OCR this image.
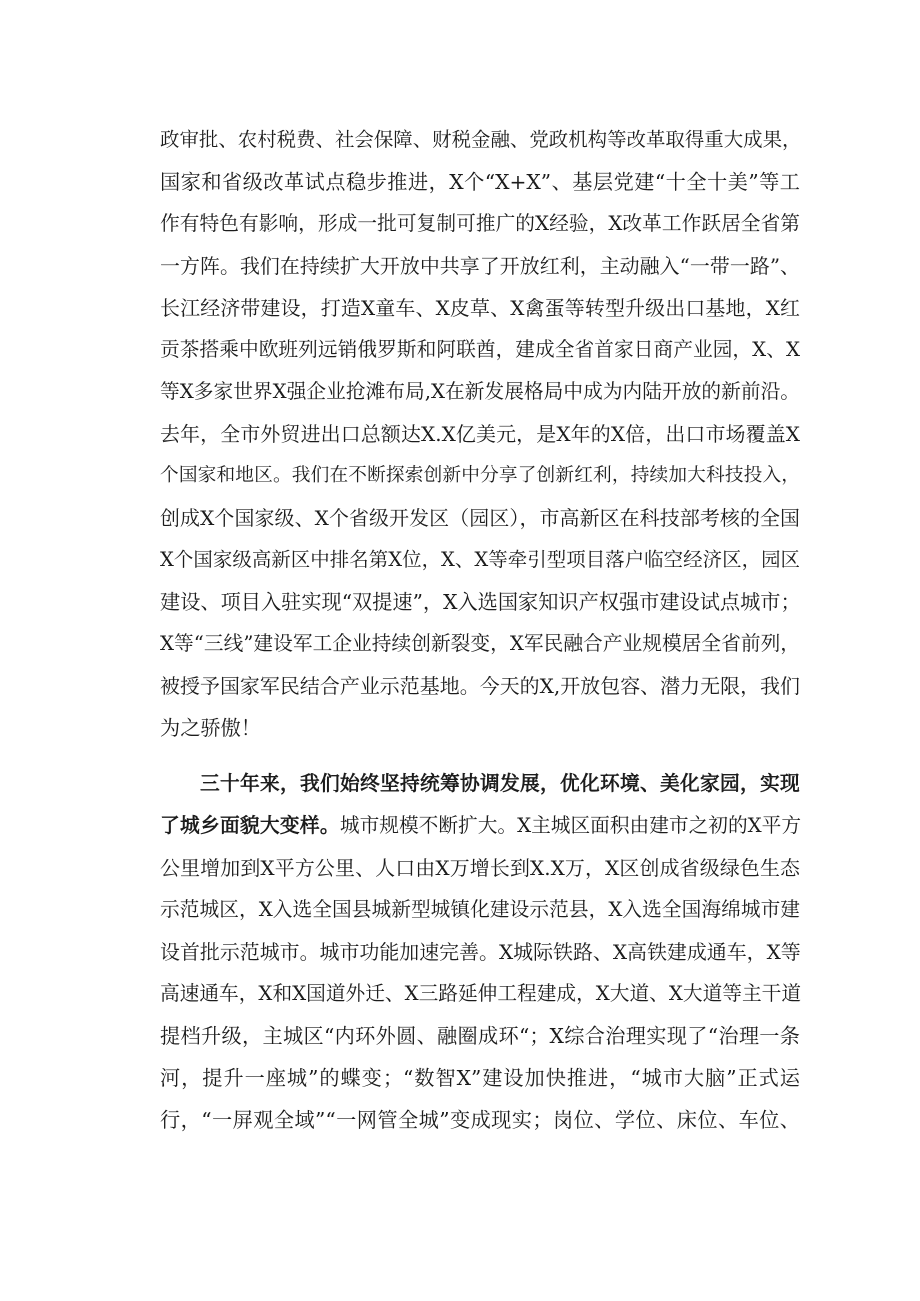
政审批、农村税费、社会保障、财税金融、党政机构等改革取得重大成果，
国家和省级改革试点稳步推进，X个“X+X”、基层党建“十全十美”等工
作有特色有影响，形成一批可复制可推广的X经验，X改革工作跃居全省第
一方阵。我们在持续扩大开放中共享了开放红利，主动融入“一带一路”、
长江经济带建设，打造X童车、X皮草、X禽蛋等转型升级出口基地，X红
贡茶搭乘中欧班列远销俄罗斯和阿联酋，建成全省首家日商产业园，X、X
等X多家世界X强企业抢滩布局,X在新发展格局中成为内陆开放的新前沿。
去年，全市外贸进出口总额达X.X亿美元，是X年的X倍，出口市场覆盖X
个国家和地区。我们在不断探索创新中分享了创新红利，持续加大科技投入，
创成X个国家级、X个省级开发区（园区），市高新区在科技部考核的全国
X个国家级高新区中排名第X位，X、X等牵引型项目落户临空经济区，园区
建设、项目入驻实现“双提速”，X入选国家知识产权强市建设试点城市；
X等“三线”建设军工企业持续创新裂变，X军民融合产业规模居全省前列，
被授予国家军民结合产业示范基地。今天的X,开放包容、潜力无限，我们
为之骄傲！
三十年来，我们始终坚持统筹协调发展，优化环境、美化家园，实现
了城乡面貌大变样。城市规模不断扩大。X主城区面积由建市之初的X平方
公里增加到X平方公里、人口由X万增长到X.X万，X区创成省级绿色生态
示范城区，X入选全国县城新型城镇化建设示范县，X入选全国海绵城市建
设首批示范城市。城市功能加速完善。X城际铁路、X高铁建成通车，X等
高速通车，X和X国道外迁、X三路延伸工程建成，X大道、X大道等主干道
提档升级，主城区“内环外圆、融圈成环“；X综合治理实现了“治理一条
河，提升一座城”的蝶变；“数智X”建设加快推进，“城市大脑”正式运
行，“一屏观全域”“一网管全城”变成现实；岗位、学位、床位、车位、
